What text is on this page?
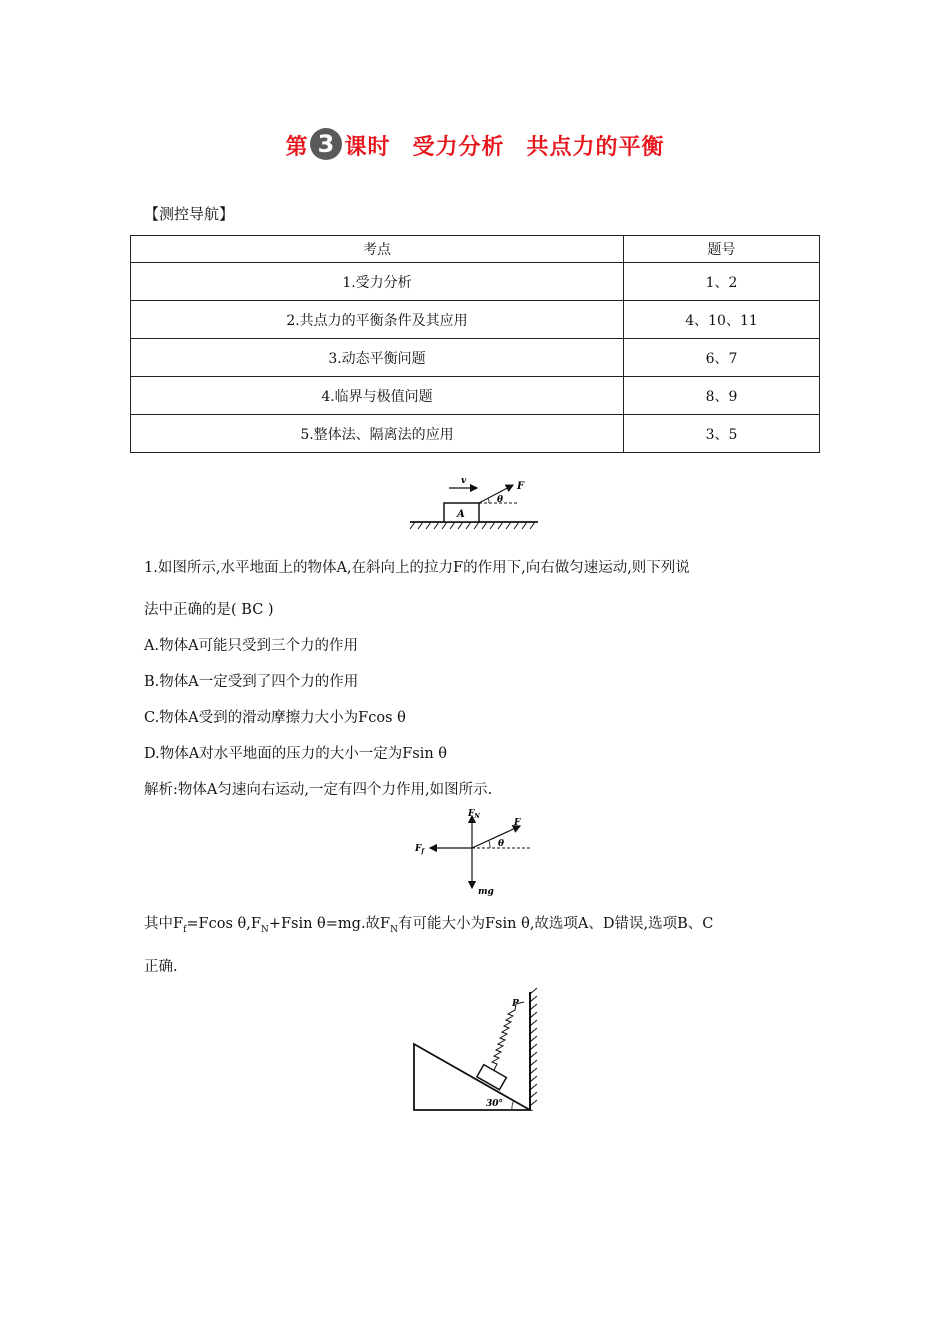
第 3 课时 受力分析 共点力的平衡
【测控导航】
考点	题号
1.受力分析	1、2
2.共点力的平衡条件及其应用	4、10、11
3.动态平衡问题	6、7
4.临界与极值问题	8、9
5.整体法、隔离法的应用	3、5
A
v	F
θ
1.如图所示,水平地面上的物体A,在斜向上的拉力F的作用下,向右做匀速运动,则下列说
法中正确的是( BC )
A.物体A可能只受到三个力的作用
B.物体A一定受到了四个力的作用
C.物体A受到的滑动摩擦力大小为Fcos θ
D.物体A对水平地面的压力的大小一定为Fsin θ
解析:物体A匀速向右运动,一定有四个力作用,如图所示.
$F_N$
mg
$F_f$
F
θ
其中$F_f=Fcos$ $\theta,F_N+Fsin$ θ=mg.故$F_N$有可能大小为Fsin θ,故选项A、D错误,选项B、C
正确.
P
30°
